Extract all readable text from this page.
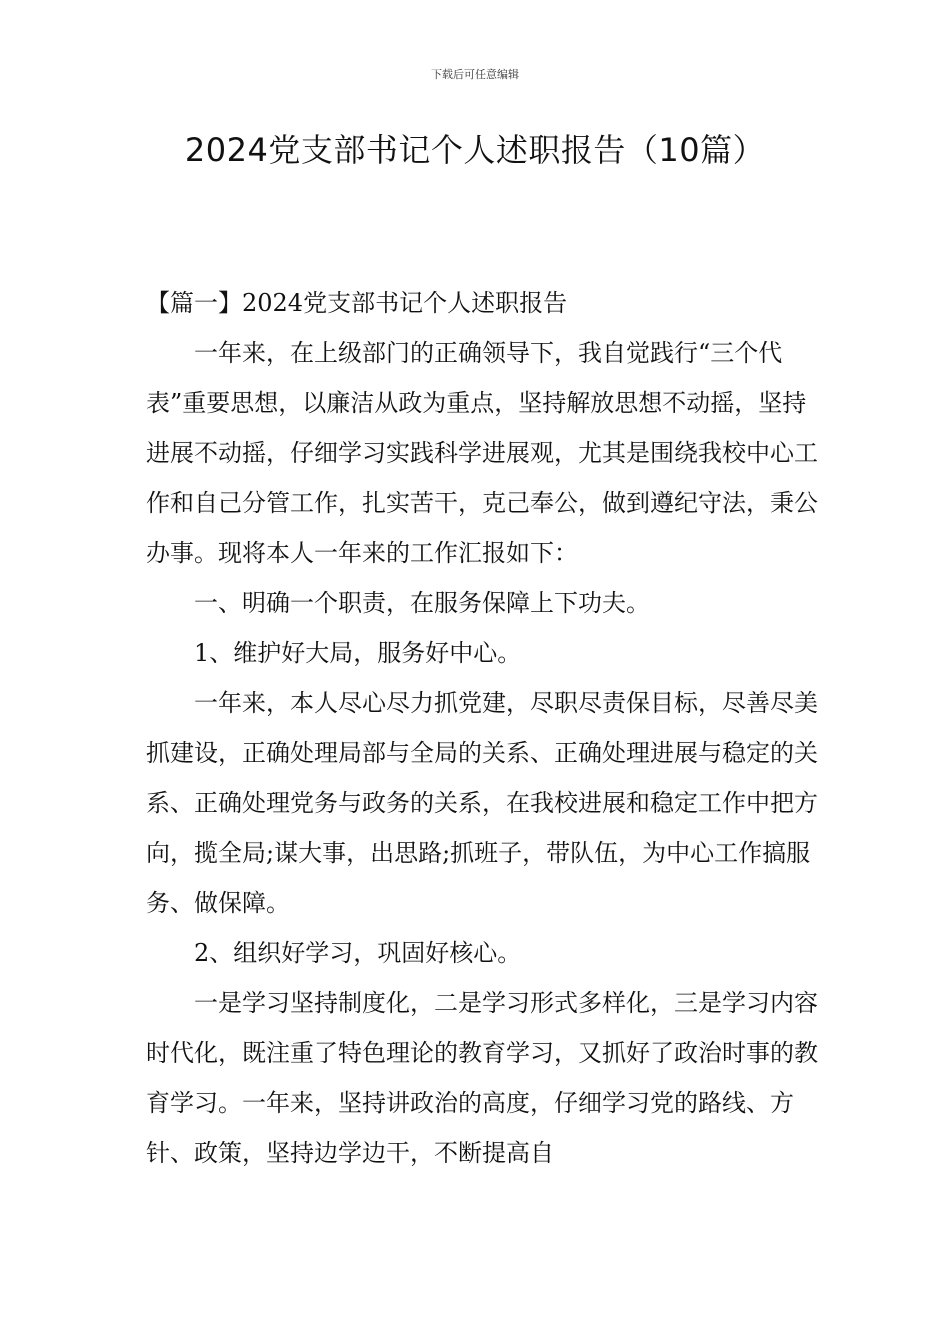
下载后可任意编辑
2024党支部书记个人述职报告（10篇）

【篇一】2024党支部书记个人述职报告

一年来，在上级部门的正确领导下，我自觉践行“三个代表”重要思想，以廉洁从政为重点，坚持解放思想不动摇，坚持进展不动摇，仔细学习实践科学进展观，尤其是围绕我校中心工作和自己分管工作，扎实苦干，克己奉公，做到遵纪守法，秉公办事。现将本人一年来的工作汇报如下：

一、明确一个职责，在服务保障上下功夫。

1、维护好大局，服务好中心。

一年来，本人尽心尽力抓党建，尽职尽责保目标，尽善尽美抓建设，正确处理局部与全局的关系、正确处理进展与稳定的关系、正确处理党务与政务的关系，在我校进展和稳定工作中把方向，揽全局;谋大事，出思路;抓班子，带队伍，为中心工作搞服务、做保障。

2、组织好学习，巩固好核心。

一是学习坚持制度化，二是学习形式多样化，三是学习内容时代化，既注重了特色理论的教育学习，又抓好了政治时事的教育学习。一年来，坚持讲政治的高度，仔细学习党的路线、方针、政策，坚持边学边干，不断提高自
